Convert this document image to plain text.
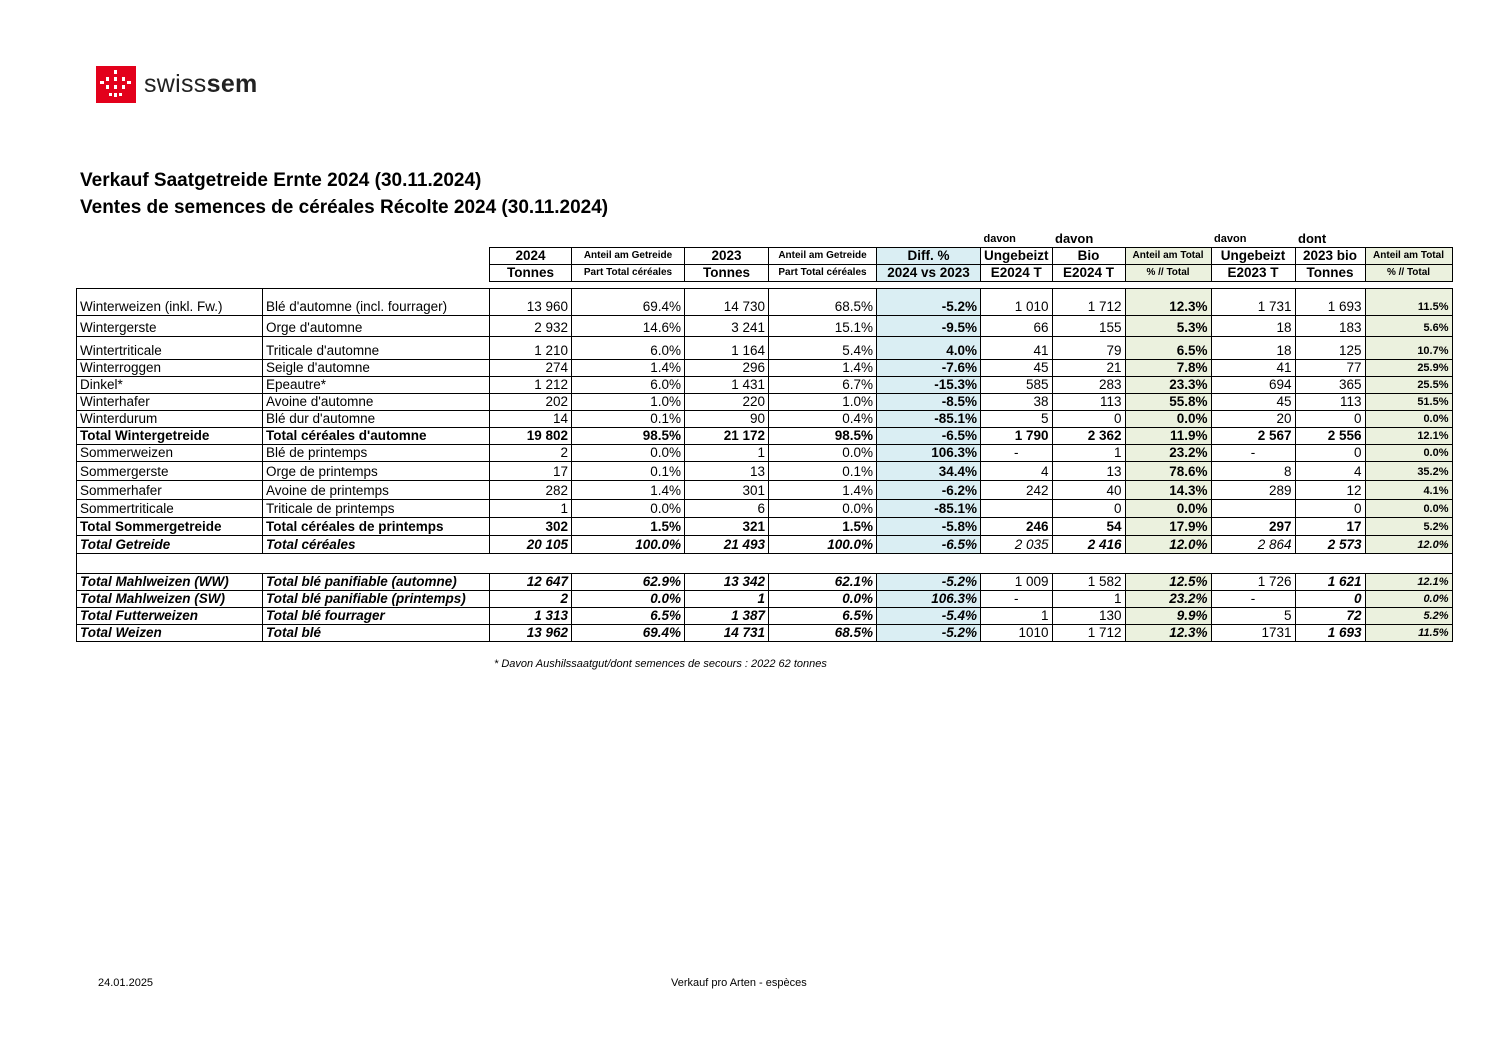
swisssem
Verkauf Saatgetreide Ernte 2024 (30.11.2024)
Ventes de semences de céréales Récolte 2024 (30.11.2024)
							davon	davon		davon	dont	
		2024	Anteil am Getreide	2023	Anteil am Getreide	Diff. %	Ungebeizt	Bio	Anteil am Total	Ungebeizt	2023 bio	Anteil am Total
		Tonnes	Part Total céréales	Tonnes	Part Total céréales	2024 vs 2023	E2024 T	E2024 T	% // Total	E2023 T	Tonnes	% // Total

Winterweizen (inkl. Fw.)	Blé d'automne (incl. fourrager)	13 960	69.4%	14 730	68.5%	-5.2%	1 010	1 712	12.3%	1 731	1 693	11.5%
Wintergerste	Orge d'automne	2 932	14.6%	3 241	15.1%	-9.5%	66	155	5.3%	18	183	5.6%
Wintertriticale	Triticale d'automne	1 210	6.0%	1 164	5.4%	4.0%	41	79	6.5%	18	125	10.7%
Winterroggen	Seigle d'automne	274	1.4%	296	1.4%	-7.6%	45	21	7.8%	41	77	25.9%
Dinkel*	Epeautre*	1 212	6.0%	1 431	6.7%	-15.3%	585	283	23.3%	694	365	25.5%
Winterhafer	Avoine d'automne	202	1.0%	220	1.0%	-8.5%	38	113	55.8%	45	113	51.5%
Winterdurum	Blé dur d'automne	14	0.1%	90	0.4%	-85.1%	5	0	0.0%	20	0	0.0%
Total Wintergetreide	Total céréales d'automne	19 802	98.5%	21 172	98.5%	-6.5%	1 790	2 362	11.9%	2 567	2 556	12.1%
Sommerweizen	Blé de printemps	2	0.0%	1	0.0%	106.3%	-	1	23.2%	-	0	0.0%
Sommergerste	Orge de printemps	17	0.1%	13	0.1%	34.4%	4	13	78.6%	8	4	35.2%
Sommerhafer	Avoine de printemps	282	1.4%	301	1.4%	-6.2%	242	40	14.3%	289	12	4.1%
Sommertriticale	Triticale de printemps	1	0.0%	6	0.0%	-85.1%		0	0.0%		0	0.0%
Total Sommergetreide	Total céréales de printemps	302	1.5%	321	1.5%	-5.8%	246	54	17.9%	297	17	5.2%
Total Getreide	Total céréales	20 105	100.0%	21 493	100.0%	-6.5%	2 035	2 416	12.0%	2 864	2 573	12.0%

Total Mahlweizen (WW)	Total blé panifiable (automne)	12 647	62.9%	13 342	62.1%	-5.2%	1 009	1 582	12.5%	1 726	1 621	12.1%
Total Mahlweizen (SW)	Total blé panifiable (printemps)	2	0.0%	1	0.0%	106.3%	-	1	23.2%	-	0	0.0%
Total Futterweizen	Total blé fourrager	1 313	6.5%	1 387	6.5%	-5.4%	1	130	9.9%	5	72	5.2%
Total Weizen	Total blé	13 962	69.4%	14 731	68.5%	-5.2%	1010	1 712	12.3%	1731	1 693	11.5%
* Davon Aushilssaatgut/dont semences de secours : 2022 62 tonnes
24.01.2025	Verkauf pro Arten - espèces
